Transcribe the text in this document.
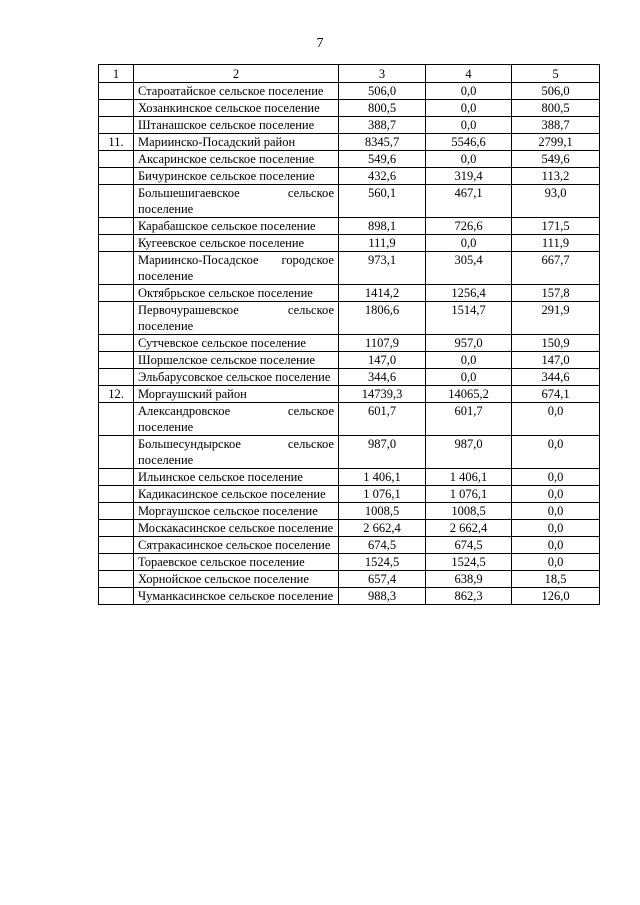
7
1	2	3	4	5
	Староатайское сельское поселение	506,0	0,0	506,0
	Хозанкинское сельское поселение	800,5	0,0	800,5
	Штанашское сельское поселение	388,7	0,0	388,7
11.	Мариинско-Посадский район	8345,7	5546,6	2799,1
	Аксаринское сельское поселение	549,6	0,0	549,6
	Бичуринское сельское поселение	432,6	319,4	113,2
	Большешигаевское сельское поселение	560,1	467,1	93,0
	Карабашское сельское поселение	898,1	726,6	171,5
	Кугеевское сельское поселение	111,9	0,0	111,9
	Мариинско-Посадское городское поселение	973,1	305,4	667,7
	Октябрьское сельское поселение	1414,2	1256,4	157,8
	Первочурашевское сельское поселение	1806,6	1514,7	291,9
	Сутчевское сельское поселение	1107,9	957,0	150,9
	Шоршелское сельское поселение	147,0	0,0	147,0
	Эльбарусовское сельское поселение	344,6	0,0	344,6
12.	Моргаушский район	14739,3	14065,2	674,1
	Александровское сельское поселение	601,7	601,7	0,0
	Большесундырское сельское поселение	987,0	987,0	0,0
	Ильинское сельское поселение	1 406,1	1 406,1	0,0
	Кадикасинское сельское поселение	1 076,1	1 076,1	0,0
	Моргаушское сельское поселение	1008,5	1008,5	0,0
	Москакасинское сельское поселение	2 662,4	2 662,4	0,0
	Сятракасинское сельское поселение	674,5	674,5	0,0
	Тораевское сельское поселение	1524,5	1524,5	0,0
	Хорнойское сельское поселение	657,4	638,9	18,5
	Чуманкасинское сельское поселение	988,3	862,3	126,0
